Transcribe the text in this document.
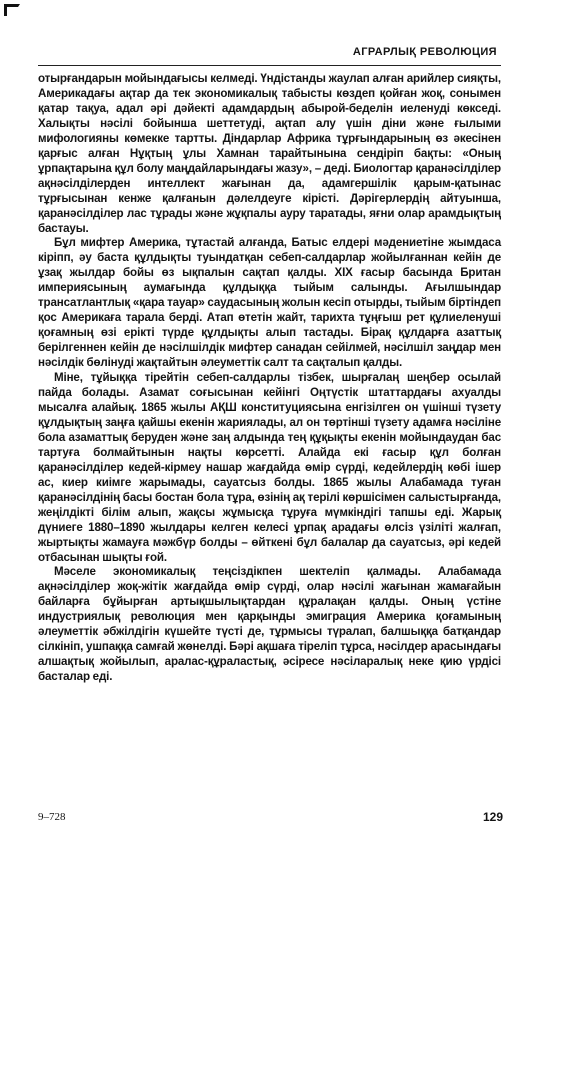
АГРАРЛЫҚ РЕВОЛЮЦИЯ

отырғандарын мойындағысы келмеді. Үндістанды жаулап алған арийлер сияқты, Америкадағы ақтар да тек экономикалық табысты көздеп қойған жоқ, сонымен қатар тақуа, адал әрі дәйекті адамдардың абырой-беделін иеленуді көкседі. Халықты нәсілі бойынша шеттетуді, ақтап алу үшін діни және ғылыми мифологияны көмекке тартты. Діндарлар Африка тұрғындарының өз әкесінен қарғыс алған Нұқтың ұлы Хамнан тарайтынына сендіріп бақты: «Оның ұрпақтарына құл болу маңдайларындағы жазу», – деді. Биологтар қаранәсілділер ақнәсілділерден интеллект жағынан да, адамгершілік қарым-қатынас тұрғысынан кенже қалғанын дәлелдеуге кірісті. Дәрігерлердің айтуынша, қаранәсілділер лас тұрады және жұқпалы ауру таратады, яғни олар арамдықтың бастауы.

Бұл мифтер Америка, тұтастай алғанда, Батыс елдері мәдениетіне жымдаса кіріпп, әу баста құлдықты туындатқан себеп-салдарлар жойылғаннан кейін де ұзақ жылдар бойы өз ықпалын сақтап қалды. XIX ғасыр басында Британ империясының аумағында құлдыққа тыйым салынды. Ағылшындар трансатлантлық «қара тауар» саудасының жолын кесіп отырды, тыйым біртіндеп қос Америкаға тарала берді. Атап өтетін жайт, тарихта тұңғыш рет құлиеленуші қоғамның өзі ерікті түрде құлдықты алып тастады. Бірақ құлдарға азаттық берілгеннен кейін де нәсілшілдік мифтер санадан сейілмей, нәсілшіл заңдар мен нәсілдік бөлінуді жақтайтын әлеуметтік салт та сақталып қалды.

Міне, тұйыққа тірейтін себеп-салдарлы тізбек, шырғалаң шеңбер осылай пайда болады. Азамат соғысынан кейінгі Оңтүстік штаттардағы ахуалды мысалға алайық. 1865 жылы АҚШ конституциясына енгізілген он үшінші түзету құлдықтың заңға қайшы екенін жариялады, ал он төртінші түзету адамға нәсіліне бола азаматтық беруден және заң алдында тең құқықты екенін мойындаудан бас тартуға болмайтынын нақты көрсетті. Алайда екі ғасыр құл болған қаранәсілділер кедей-кірмеу нашар жағдайда өмір сүрді, кедейлердің көбі ішер ас, киер киімге жарымады, сауатсыз болды. 1865 жылы Алабамада туған қаранәсілдінің басы бостан бола тұра, өзінің ақ терілі көршісімен салыстырғанда, жеңілдікті білім алып, жақсы жұмысқа тұруға мүмкіндігі тапшы еді. Жарық дүниеге 1880–1890 жылдары келген келесі ұрпақ арадағы өлсіз үзіліті жалғап, жыртықты жамауға мәжбүр болды – өйткені бұл балалар да сауатсыз, әрі кедей отбасынан шықты ғой.

Мәселе экономикалық теңсіздікпен шектеліп қалмады. Алабамада ақнәсілділер жоқ-жітік жағдайда өмір сүрді, олар нәсілі жағынан жамағайын байларға бұйырған артықшылықтардан құралақан қалды. Оның үстіне индустриялық революция мен қарқынды эмиграция Америка қоғамының әлеуметтік әбжілдігін күшейте түсті де, тұрмысы түралап, балшыққа батқандар сілкініп, ушпаққа самғай жөнелді. Бәрі ақшаға тіреліп тұрса, нәсілдер арасындағы алшақтық жойылып, аралас-құраластық, әсіресе нәсіларалық неке қию үрдісі басталар еді.

9–728	129
